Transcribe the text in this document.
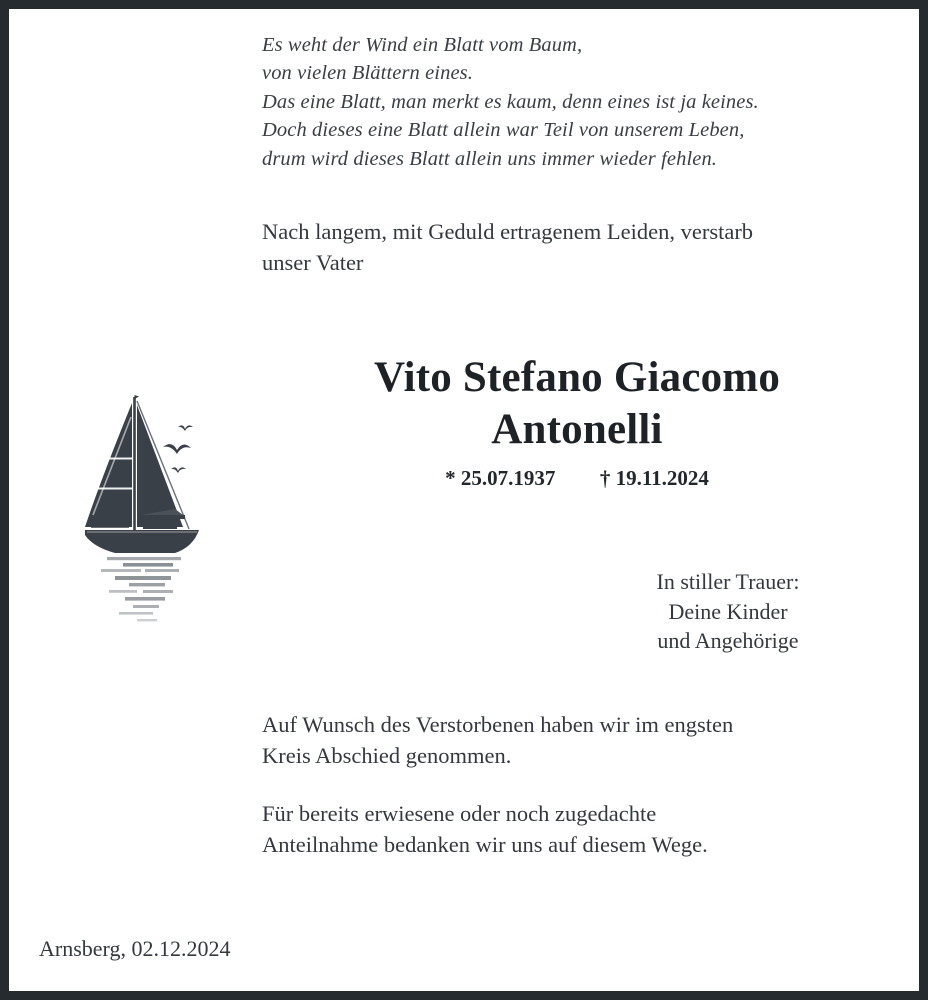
Es weht der Wind ein Blatt vom Baum,
von vielen Blättern eines.
Das eine Blatt, man merkt es kaum, denn eines ist ja keines.
Doch dieses eine Blatt allein war Teil von unserem Leben,
drum wird dieses Blatt allein uns immer wieder fehlen.
Nach langem, mit Geduld ertragenem Leiden, verstarb
unser Vater
Vito Stefano Giacomo
Antonelli
* 25.07.1937 † 19.11.2024
In stiller Trauer:
Deine Kinder
und Angehörige

Auf Wunsch des Verstorbenen haben wir im engsten
Kreis Abschied genommen.

Für bereits erwiesene oder noch zugedachte
Anteilnahme bedanken wir uns auf diesem Wege.

Arnsberg, 02.12.2024
